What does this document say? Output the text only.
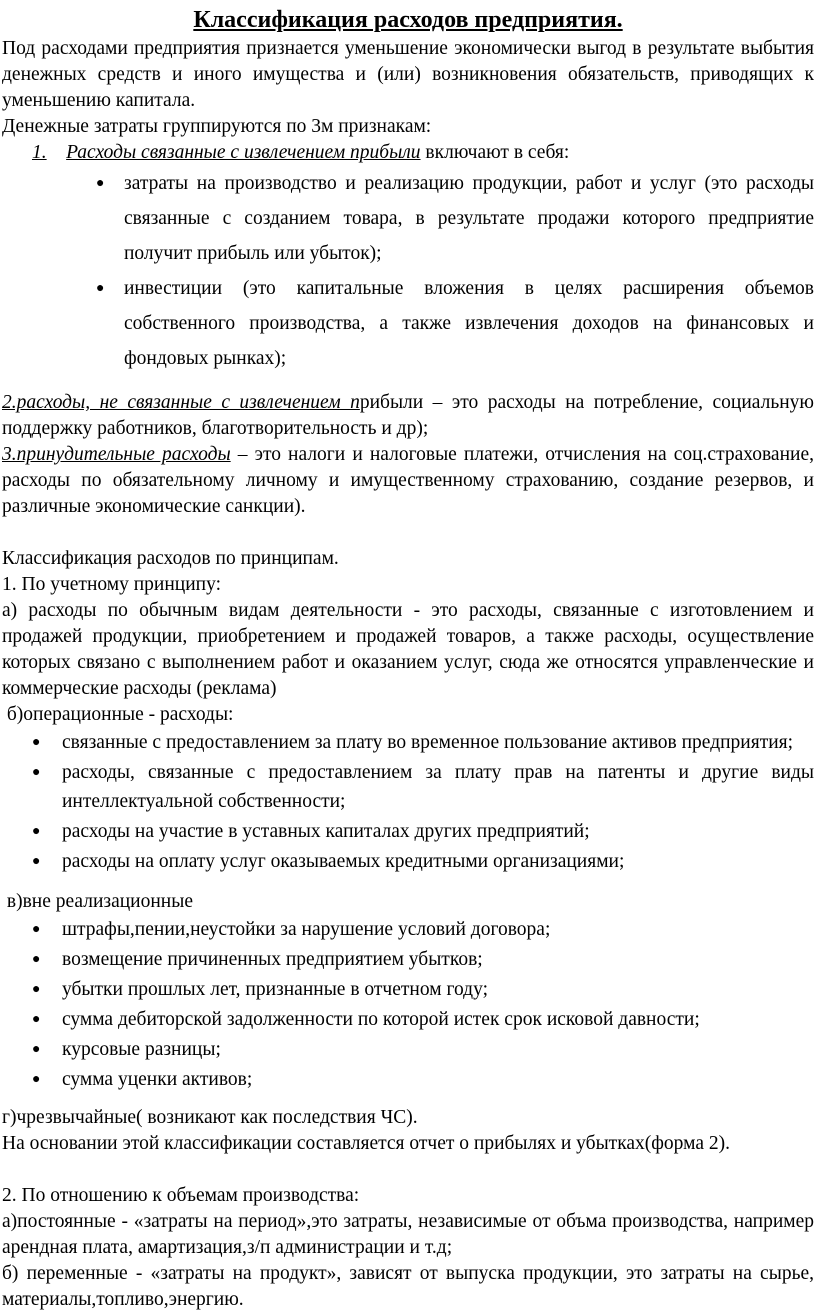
Классификация расходов предприятия.

Под расходами предприятия признается уменьшение экономически выгод в результате выбытия денежных средств и иного имущества и (или) возникновения обязательств, приводящих к уменьшению капитала.

Денежные затраты группируются по 3м признакам:

1. Расходы связанные с извлечением прибыли включают в себя:

● затраты на производство и реализацию продукции, работ и услуг (это расходы связанные с созданием товара, в результате продажи которого предприятие получит прибыль или убыток);
● инвестиции (это капитальные вложения в целях расширения объемов собственного производства, а также извлечения доходов на финансовых и фондовых рынках);

2.расходы, не связанные с извлечением прибыли – это расходы на потребление, социальную поддержку работников, благотворительность и др);

3.принудительные расходы – это налоги и налоговые платежи, отчисления на соц.страхование, расходы по обязательному личному и имущественному страхованию, создание резервов, и различные экономические санкции).

Классификация расходов по принципам.

1. По учетному принципу:

а) расходы по обычным видам деятельности - это расходы, связанные с изготовлением и продажей продукции, приобретением и продажей товаров, а также расходы, осуществление которых связано с выполнением работ и оказанием услуг, сюда же относятся управленческие и коммерческие расходы (реклама)

б)операционные - расходы:

● связанные с предоставлением за плату во временное пользование активов предприятия;
● расходы, связанные с предоставлением за плату прав на патенты и другие виды интеллектуальной собственности;
● расходы на участие в уставных капиталах других предприятий;
● расходы на оплату услуг оказываемых кредитными организациями;

в)вне реализационные

● штрафы,пении,неустойки за нарушение условий договора;
● возмещение причиненных предприятием убытков;
● убытки прошлых лет, признанные в отчетном году;
● сумма дебиторской задолженности по которой истек срок исковой давности;
● курсовые разницы;
● сумма уценки активов;

г)чрезвычайные( возникают как последствия ЧС).

На основании этой классификации составляется отчет о прибылях и убытках(форма 2).

2. По отношению к объемам производства:

а)постоянные - «затраты на период»,это затраты, независимые от объма производства, например арендная плата, амартизация,з/п администрации и т.д;

б) переменные - «затраты на продукт», зависят от выпуска продукции, это затраты на сырье, материалы,топливо,энергию.
